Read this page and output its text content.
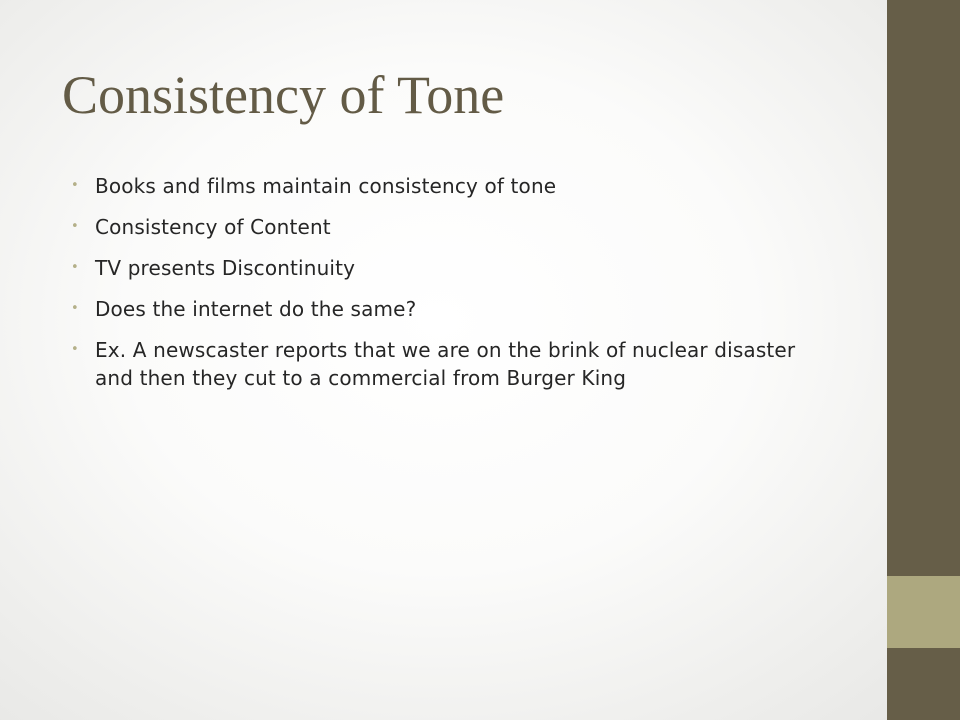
Consistency of Tone
• Books and films maintain consistency of tone
• Consistency of Content
• TV presents Discontinuity
• Does the internet do the same?
• Ex. A newscaster reports that we are on the brink of nuclear disaster and then they cut to a commercial from Burger King
